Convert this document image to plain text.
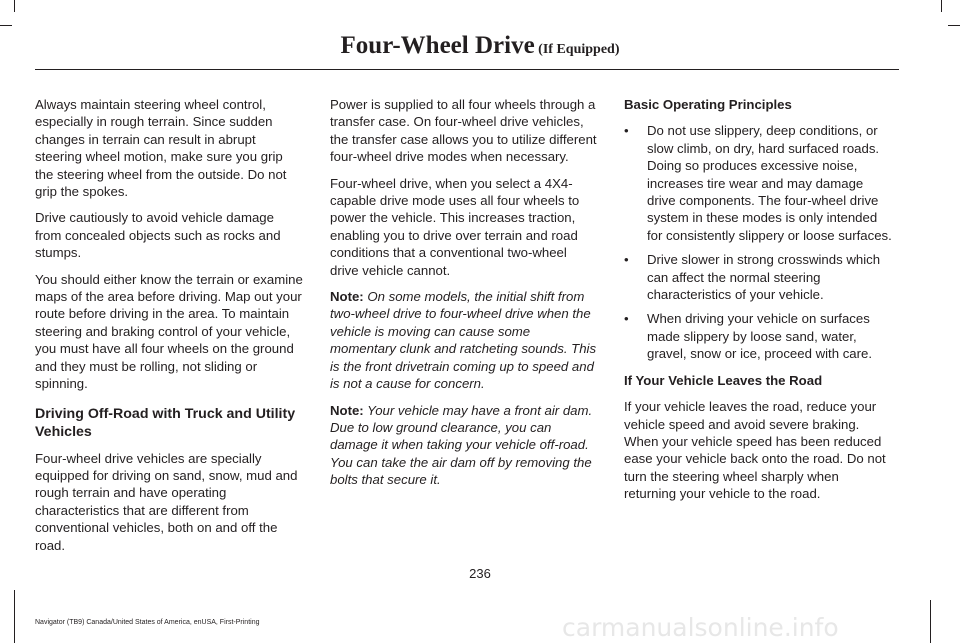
Four-Wheel Drive (If Equipped)

Always maintain steering wheel control, especially in rough terrain. Since sudden changes in terrain can result in abrupt steering wheel motion, make sure you grip the steering wheel from the outside. Do not grip the spokes.

Drive cautiously to avoid vehicle damage from concealed objects such as rocks and stumps.

You should either know the terrain or examine maps of the area before driving. Map out your route before driving in the area. To maintain steering and braking control of your vehicle, you must have all four wheels on the ground and they must be rolling, not sliding or spinning.

Driving Off-Road with Truck and Utility Vehicles

Four-wheel drive vehicles are specially equipped for driving on sand, snow, mud and rough terrain and have operating characteristics that are different from conventional vehicles, both on and off the road.

Power is supplied to all four wheels through a transfer case. On four-wheel drive vehicles, the transfer case allows you to utilize different four-wheel drive modes when necessary.

Four-wheel drive, when you select a 4X4-capable drive mode uses all four wheels to power the vehicle. This increases traction, enabling you to drive over terrain and road conditions that a conventional two-wheel drive vehicle cannot.

Note: On some models, the initial shift from two-wheel drive to four-wheel drive when the vehicle is moving can cause some momentary clunk and ratcheting sounds. This is the front drivetrain coming up to speed and is not a cause for concern.

Note: Your vehicle may have a front air dam. Due to low ground clearance, you can damage it when taking your vehicle off-road. You can take the air dam off by removing the bolts that secure it.

Basic Operating Principles
• Do not use slippery, deep conditions, or slow climb, on dry, hard surfaced roads. Doing so produces excessive noise, increases tire wear and may damage drive components. The four-wheel drive system in these modes is only intended for consistently slippery or loose surfaces.
• Drive slower in strong crosswinds which can affect the normal steering characteristics of your vehicle.
• When driving your vehicle on surfaces made slippery by loose sand, water, gravel, snow or ice, proceed with care.
If Your Vehicle Leaves the Road

If your vehicle leaves the road, reduce your vehicle speed and avoid severe braking. When your vehicle speed has been reduced ease your vehicle back onto the road. Do not turn the steering wheel sharply when returning your vehicle to the road.

236
Navigator (TB9) Canada/United States of America, enUSA, First-Printing	carmanualsonline.info
